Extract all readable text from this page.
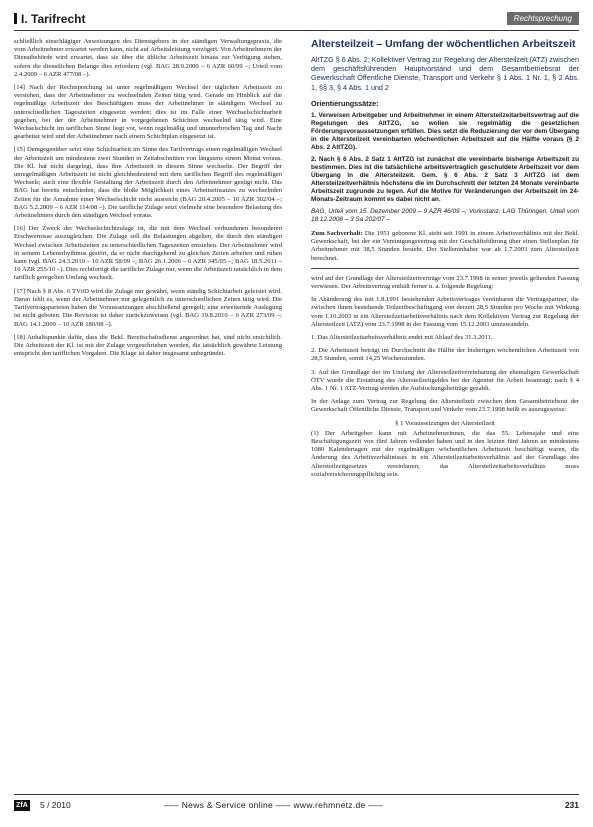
I. Tarifrecht	Rechtsprechung

schließlich einschlägiger Anweisungen des Dienstgebers in der ständigen Verwaltungspraxis, die vom Arbeitnehmer erwartet werden kann, nicht auf Arbeitsleistung verzögert. Von Arbeitnehmern der Dienstbehörde wird erwartet, dass sie über die übliche Arbeitszeit hinaus zur Verfügung stehen, sofern die dienstlichen Belange dies erfordern (vgl. BAG 28.9.2000 – 6 AZR 60/99 –; Urteil vom 2.4.2009 – 6 AZR 477/08 –).

[14] Nach der Rechtsprechung ist unter regelmäßigem Wechsel der täglichen Arbeitszeit zu verstehen, dass der Arbeitnehmer zu wechselnden Zeiten tätig wird. Gerade im Hinblick auf die regelmäßige Arbeitszeit des Beschäftigten muss der Arbeitnehmer in ständigem Wechsel zu unterschiedlichen Tageszeiten eingesetzt werden; dies ist im Falle einer Wechselschichtarbeit gegeben, bei der der Arbeitnehmer in vorgegebenen Schichten wechselnd tätig wird. Eine Wechselschicht im tariflichen Sinne liegt vor, wenn regelmäßig und ununterbrochen Tag und Nacht gearbeitet wird und der Arbeitnehmer nach einem Schichtplan eingesetzt ist.

[15] Demgegenüber setzt eine Schichtarbeit im Sinne des Tarifvertrags einen regelmäßigen Wechsel der Arbeitszeit um mindestens zwei Stunden in Zeitabschnitten von längstens einem Monat voraus. Die Kl. hat nicht dargelegt, dass ihre Arbeitszeit in diesem Sinne wechselte. Der Begriff der unregelmäßigen Arbeitszeit ist nicht gleichbedeutend mit dem tariflichen Begriff des regelmäßigen Wechsels; auch eine flexible Gestaltung der Arbeitszeit durch den Arbeitnehmer genügt nicht. Das BAG hat bereits entschieden, dass die bloße Möglichkeit eines Arbeitseinsatzes zu wechselnden Zeiten für die Annahme einer Wechselschicht nicht ausreicht (BAG 20.4.2005 – 10 AZR 302/04 –; BAG 5.2.2009 – 6 AZR 114/08 –). Die tarifliche Zulage setzt vielmehr eine besondere Belastung des Arbeitnehmers durch den ständigen Wechsel voraus.

[16] Der Zweck der Wechselschichtzulage ist, die mit dem Wechsel verbundenen besonderen Erschwernisse auszugleichen. Die Zulage soll die Belastungen abgelten, die durch den ständigen Wechsel zwischen Arbeitszeiten zu unterschiedlichen Tageszeiten entstehen. Der Arbeitnehmer wird in seinem Lebensrhythmus gestört, da er nicht durchgehend zu gleichen Zeiten arbeiten und ruhen kann (vgl. BAG 24.3.2010 – 10 AZR 58/09 –; BAG 26.1.2006 – 6 AZR 345/05 –; BAG 18.5.2011 – 10 AZR 255/10 –). Dies rechtfertigt die tarifliche Zulage nur, wenn die Arbeitszeit tatsächlich in dem tariflich geregelten Umfang wechselt.

[17] Nach § 8 Abs. 6 TVöD wird die Zulage nur gewährt, wenn ständig Schichtarbeit geleistet wird. Daran fehlt es, wenn der Arbeitnehmer nur gelegentlich zu unterschiedlichen Zeiten tätig wird. Die Tarifvertragsparteien haben die Voraussetzungen abschließend geregelt; eine erweiternde Auslegung ist nicht geboten. Die Revision ist daher zurückzuweisen (vgl. BAG 19.8.2010 – 6 AZR 273/09 –; BAG 14.1.2009 – 10 AZR 180/08 –).

[18] Anhaltspunkte dafür, dass die Bekl. Bereitschaftsdienst angeordnet hat, sind nicht ersichtlich. Die Arbeitszeit der Kl. ist mit der Zulage vorgeschrieben worden, die tatsächlich gewährte Leistung entspricht den tariflichen Vorgaben. Die Klage ist daher insgesamt unbegründet.

Altersteilzeit – Umfang der wöchentlichen Arbeitszeit
AltTZG § 6 Abs. 2; Kollektiver Vertrag zur Regelung der Altersteilzeit (ATZ) zwischen dem geschäftsführenden Hauptvorstand und dem Gesamtbetriebsrat der Gewerkschaft Öffentliche Dienste, Transport und Verkehr § 1 Abs. 1 Nr. 1, § 2 Abs. 1, §§ 3, § 4 Abs. 1 und 2
Orientierungssätze:
1. Verweisen Arbeitgeber und Arbeitnehmer in einem Altersteilzeitarbeitsvertrag auf die Regelungen des AltTZG, so wollen sie regelmäßig die gesetzlichen Förderungsvoraussetzungen erfüllen. Dies setzt die Reduzierung der vor dem Übergang in die Altersteilzeit vereinbarten wöchentlichen Arbeitszeit auf die Hälfte voraus (§ 2 Abs. 2 AltTZG).
2. Nach § 6 Abs. 2 Satz 1 AltTZG ist zunächst die vereinbarte bisherige Arbeitszeit zu bestimmen. Dies ist die tatsächliche arbeitsvertraglich geschuldete Arbeitszeit vor dem Übergang in die Altersteilzeit. Gem. § 6 Abs. 2 Satz 3 AltTZG ist dem Altersteilzeitverhältnis höchstens die im Durchschnitt der letzten 24 Monate vereinbarte Arbeitszeit zugrunde zu legen. Auf die Motive für Veränderungen der Arbeitszeit im 24-Monats-Zeitraum kommt es dabei nicht an.
BAG, Urteil vom 15. Dezember 2009 – 9 AZR 46/09 –; Vorinstanz: LAG Thüringen, Urteil vom 18.12.2008 – 3 Sa 202/07 –

Zum Sachverhalt: Die 1951 geborene Kl. steht seit 1991 in einem Arbeitsverhältnis mit der Bekl. Gewerkschaft, bei der ein Vereinigungsvertrag mit der Geschäftsführung über einen Stellenplan für Arbeitnehmer mit 38,5 Stunden besteht. Der Stelleninhaber war ab 1.7.2003 zum Altersteilzeit berechnet.

wird auf der Grundlage der Altersteilzeitverträge vom 23.7.1998 in seiner jeweils geltenden Fassung verwiesen. Der Arbeitsvertrag enthält ferner u. a. folgende Regelung:

In Abänderung des mit 1.8.1991 bestehenden Arbeitsvertrages vereinbaren die Vertragspartner, die zwischen ihnen bestehende Teilzeitbeschäftigung von derzeit 28,5 Stunden pro Woche mit Wirkung vom 1.10.2003 in ein Altersteilzeitarbeitsverhältnis nach dem Kollektiven Vertrag zur Regelung der Altersteilzeit (ATZ) vom 23.7.1998 in der Fassung vom 15.12.2003 umzuwandeln.

1. Das Altersteilzeitarbeitsverhältnis endet mit Ablauf des 31.3.2011.

2. Die Arbeitszeit beträgt im Durchschnitt die Hälfte der bisherigen wöchentlichen Arbeitszeit von 28,5 Stunden, somit 14,25 Wochenstunden.

3. Auf der Grundlage der im Umfang der Altersteilzeitvereinbarung der ehemaligen Gewerkschaft ÖTV wurde die Erstattung des Altersteilzeitgeldes bei der Agentur für Arbeit beantragt; nach § 4 Abs. 1 Nr. 1 ATZ-Vertrag werden die Aufstockungsbeiträge gezahlt.

In der Anlage zum Vertrag zur Regelung der Altersteilzeit zwischen dem Gesamtbetriebsrat der Gewerkschaft Öffentliche Dienste, Transport und Verkehr vom 23.7.1998 heißt es auszugsweise:

§ 1 Voraussetzungen der Altersteilzeit

(1) Der Arbeitgeber kann mit Arbeitnehmerinnen, die das 55. Lebensjahr und eine Beschäftigungszeit von fünf Jahren vollendet haben und in den letzten fünf Jahren an mindestens 1080 Kalendertagen mit der regelmäßigen wöchentlichen Arbeitszeit beschäftigt waren, die Änderung des Arbeitsverhältnisses in ein Altersteilzeitarbeitsverhältnis auf der Grundlage des Altersteilzeitgesetzes vereinbaren; das Altersteilzeitarbeitsverhältnis muss sozialversicherungspflichtig sein.

ZfA 5 / 2010	––– News & Service online ––– www.rehmnetz.de –––	231
